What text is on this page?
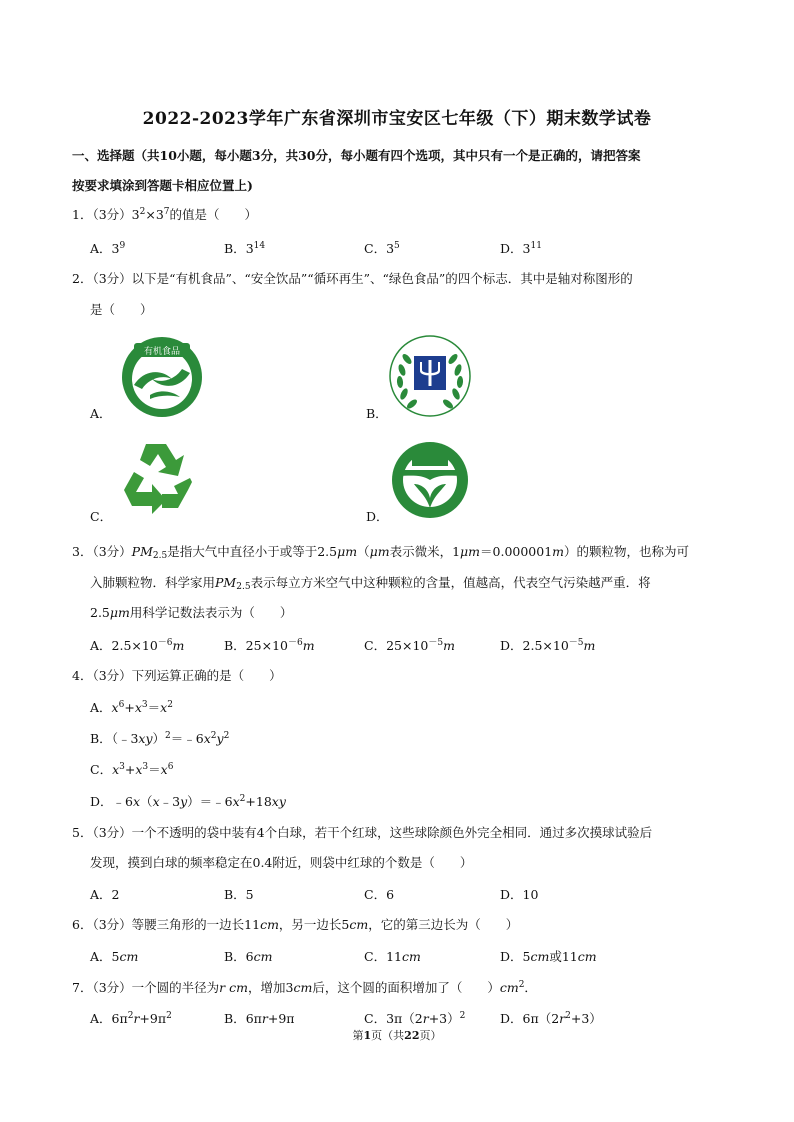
2022-2023学年广东省深圳市宝安区七年级（下）期末数学试卷
一、选择题（共10小题，每小题3分，共30分，每小题有四个选项，其中只有一个是正确的，请把答案
按要求填涂到答题卡相应位置上)
1．（3分）$3^2\times 3^7$的值是（　　）
A．$3^9$	B．$3^{14}$	C．$3^5$	D．$3^{11}$
2．（3分）以下是“有机食品”、“安全饮品”“循环再生”、“绿色食品”的四个标志．其中是轴对称图形的
是（　　）
A．	B．
C．	D．
有机食品
3．（3分）$PM_{2.5}$是指大气中直径小于或等于2.5μm（μm表示微米，1μm＝0.000001m）的颗粒物，也称为可
入肺颗粒物．科学家用$PM_{2.5}$表示每立方米空气中这种颗粒的含量，值越高，代表空气污染越严重．将
2.5μm用科学记数法表示为（　　）
A．$2.5\times 10^{-6}m$	B．$25\times 10^{-6}m$	C．$25\times 10^{-5}m$	D．$2.5\times 10^{-5}m$
4．（3分）下列运算正确的是（　　）
A．$x^6+x^3=x^2$
B．$(﹣3xy)^2=﹣6x^2y^2$
C．$x^3+x^3=x^6$
D．$﹣6x(x﹣3y)=﹣6x^2+18xy$
5．（3分）一个不透明的袋中装有4个白球，若干个红球，这些球除颜色外完全相同．通过多次摸球试验后
发现，摸到白球的频率稳定在0.4附近，则袋中红球的个数是（　　）
A．2	B．5	C．6	D．10
6．（3分）等腰三角形的一边长11cm，另一边长5cm，它的第三边长为（　　）
A．5cm	B．6cm	C．11cm	D．5cm或11cm
7．（3分）一个圆的半径为r cm，增加3cm后，这个圆的面积增加了（　　）$cm^2$．
A．$6\pi^2r+9\pi^2$	B．6πr+9π	C．$3\pi(2r+3)^2$	D．$6\pi(2r^2+3)$
第1页（共22页）
